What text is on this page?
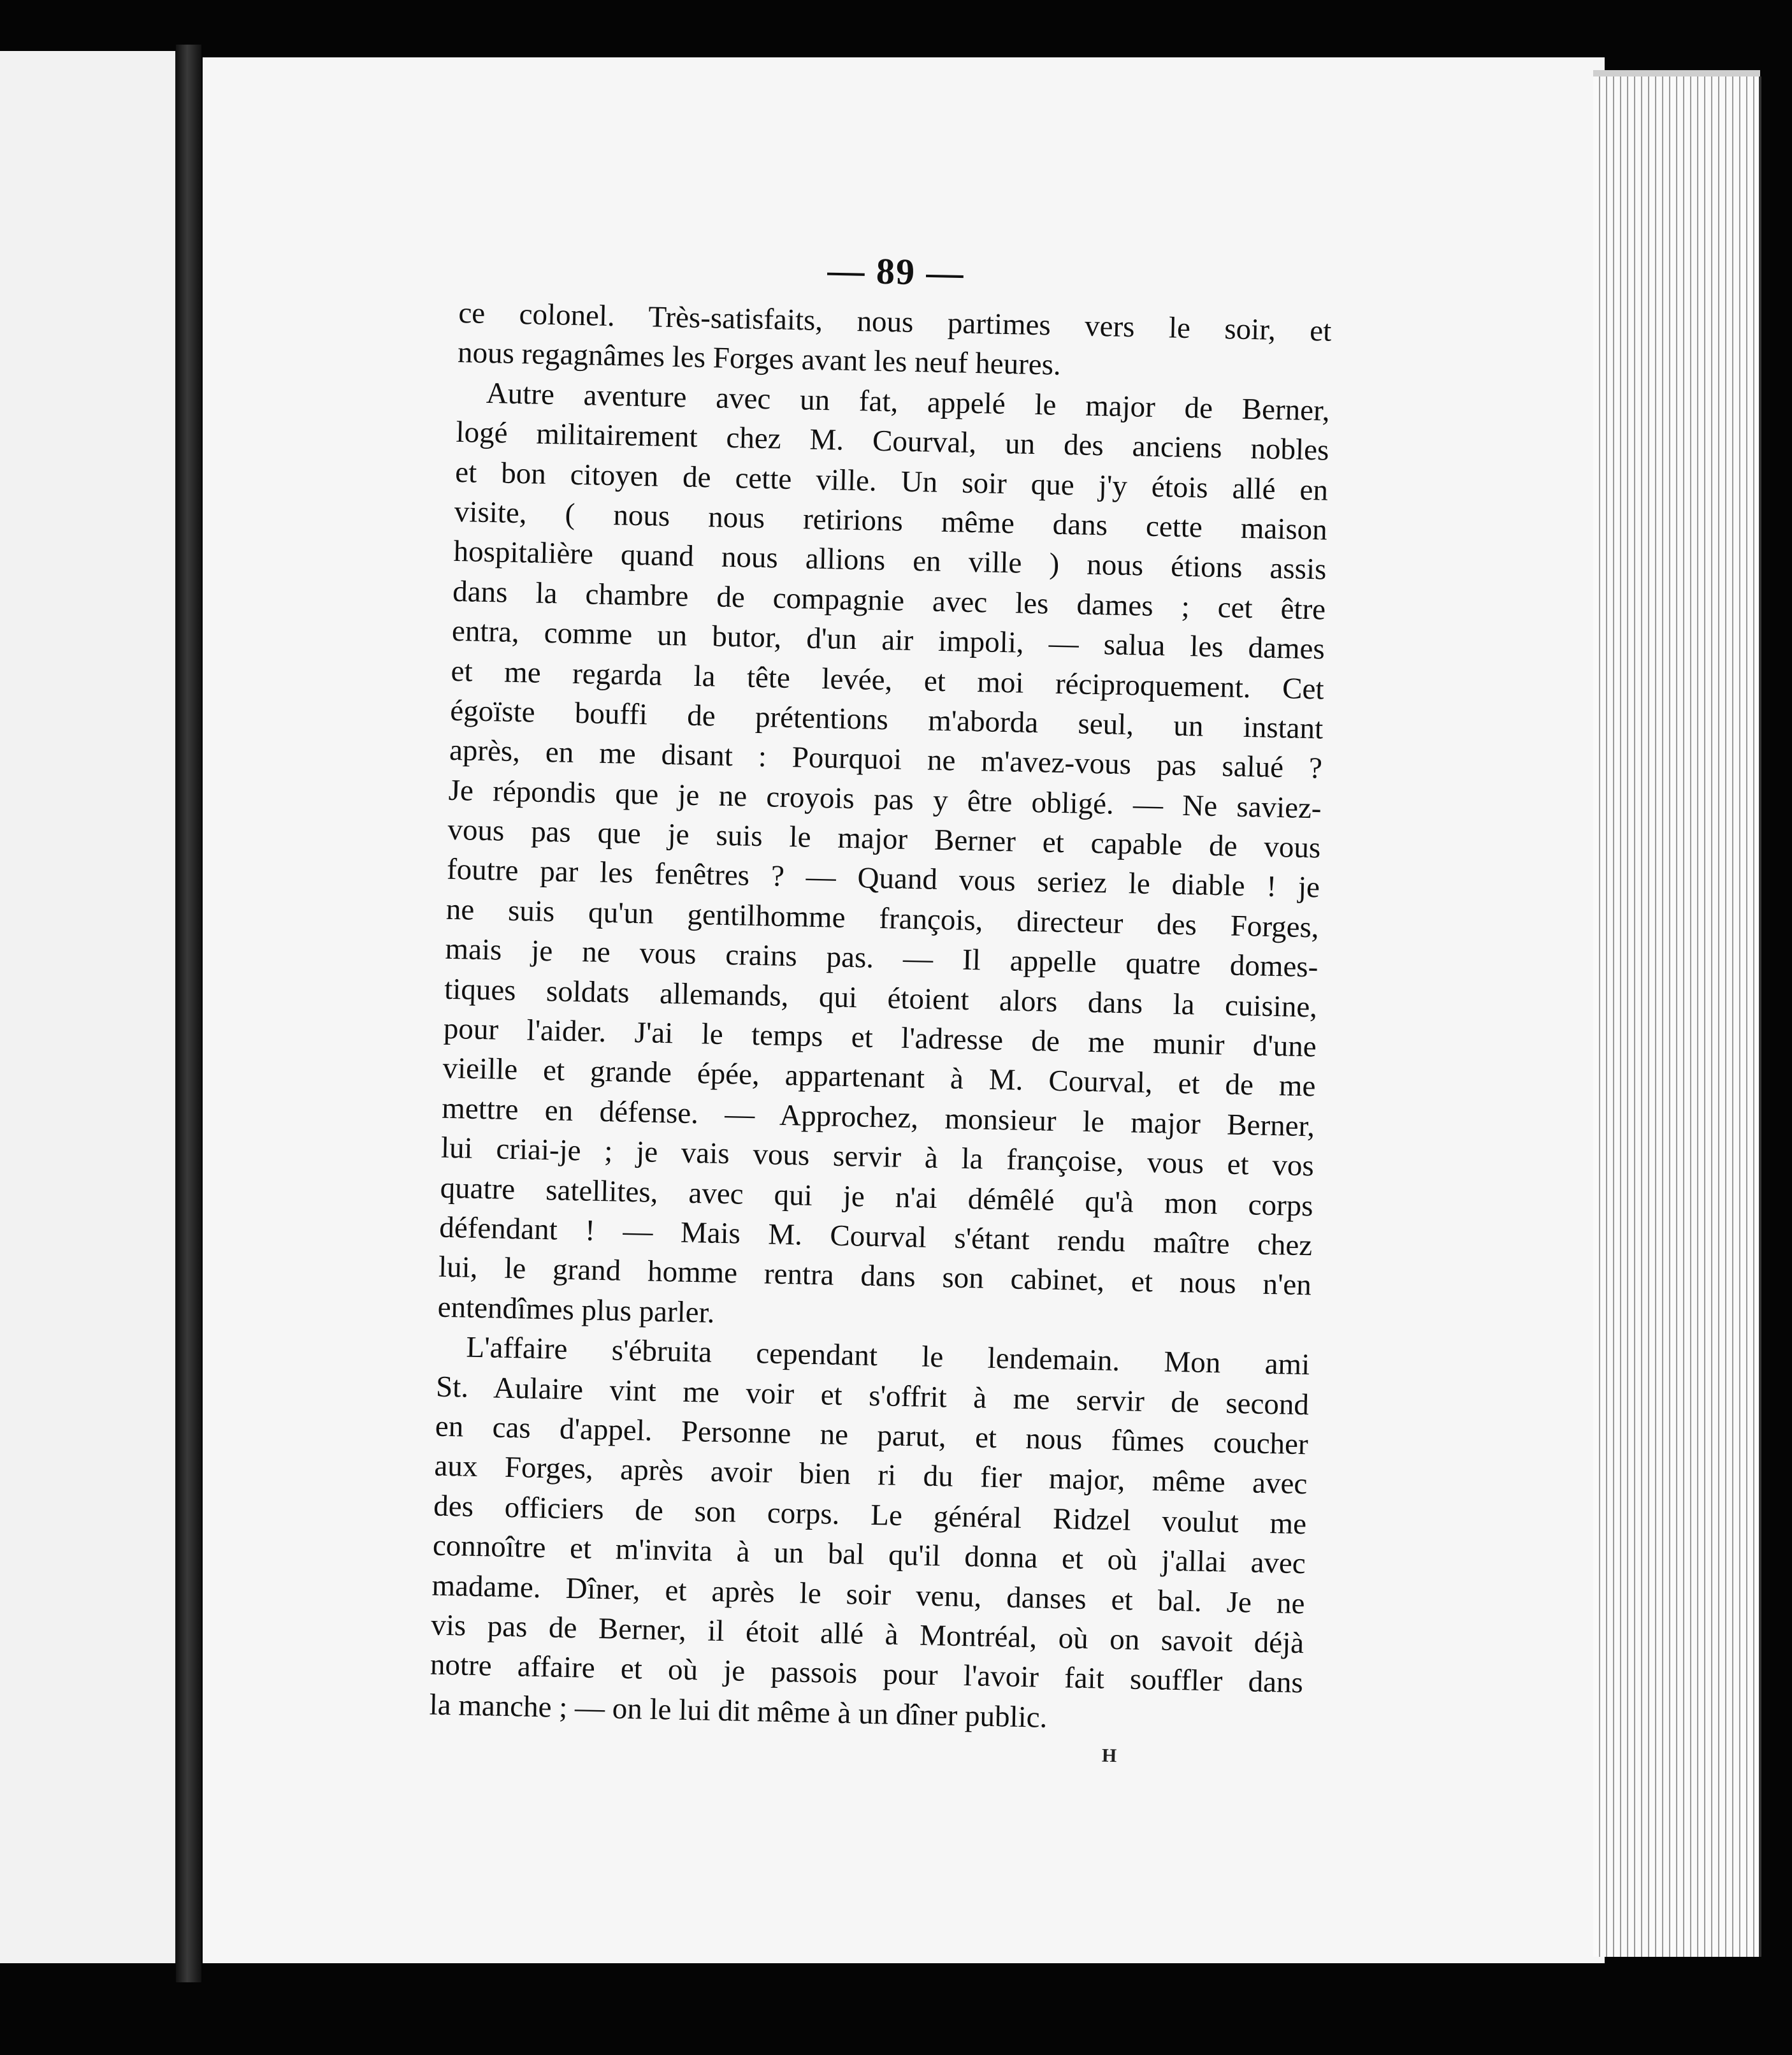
— 89 —
ce colonel. Très-satisfaits, nous partimes vers le soir, et
nous regagnâmes les Forges avant les neuf heures.
Autre aventure avec un fat, appelé le major de Berner,
logé militairement chez M. Courval, un des anciens nobles
et bon citoyen de cette ville. Un soir que j'y étois allé en
visite, ( nous nous retirions même dans cette maison
hospitalière quand nous allions en ville ) nous étions assis
dans la chambre de compagnie avec les dames ; cet être
entra, comme un butor, d'un air impoli, — salua les dames
et me regarda la tête levée, et moi réciproquement. Cet
égoïste bouffi de prétentions m'aborda seul, un instant
après, en me disant : Pourquoi ne m'avez-vous pas salué ?
Je répondis que je ne croyois pas y être obligé. — Ne saviez-
vous pas que je suis le major Berner et capable de vous
foutre par les fenêtres ? — Quand vous seriez le diable ! je
ne suis qu'un gentilhomme françois, directeur des Forges,
mais je ne vous crains pas. — Il appelle quatre domes-
tiques soldats allemands, qui étoient alors dans la cuisine,
pour l'aider. J'ai le temps et l'adresse de me munir d'une
vieille et grande épée, appartenant à M. Courval, et de me
mettre en défense. — Approchez, monsieur le major Berner,
lui criai-je ; je vais vous servir à la françoise, vous et vos
quatre satellites, avec qui je n'ai démêlé qu'à mon corps
défendant ! — Mais M. Courval s'étant rendu maître chez
lui, le grand homme rentra dans son cabinet, et nous n'en
entendîmes plus parler.
L'affaire s'ébruita cependant le lendemain. Mon ami
St. Aulaire vint me voir et s'offrit à me servir de second
en cas d'appel. Personne ne parut, et nous fûmes coucher
aux Forges, après avoir bien ri du fier major, même avec
des officiers de son corps. Le général Ridzel voulut me
connoître et m'invita à un bal qu'il donna et où j'allai avec
madame. Dîner, et après le soir venu, danses et bal. Je ne
vis pas de Berner, il étoit allé à Montréal, où on savoit déjà
notre affaire et où je passois pour l'avoir fait souffler dans
la manche ; — on le lui dit même à un dîner public.
H
